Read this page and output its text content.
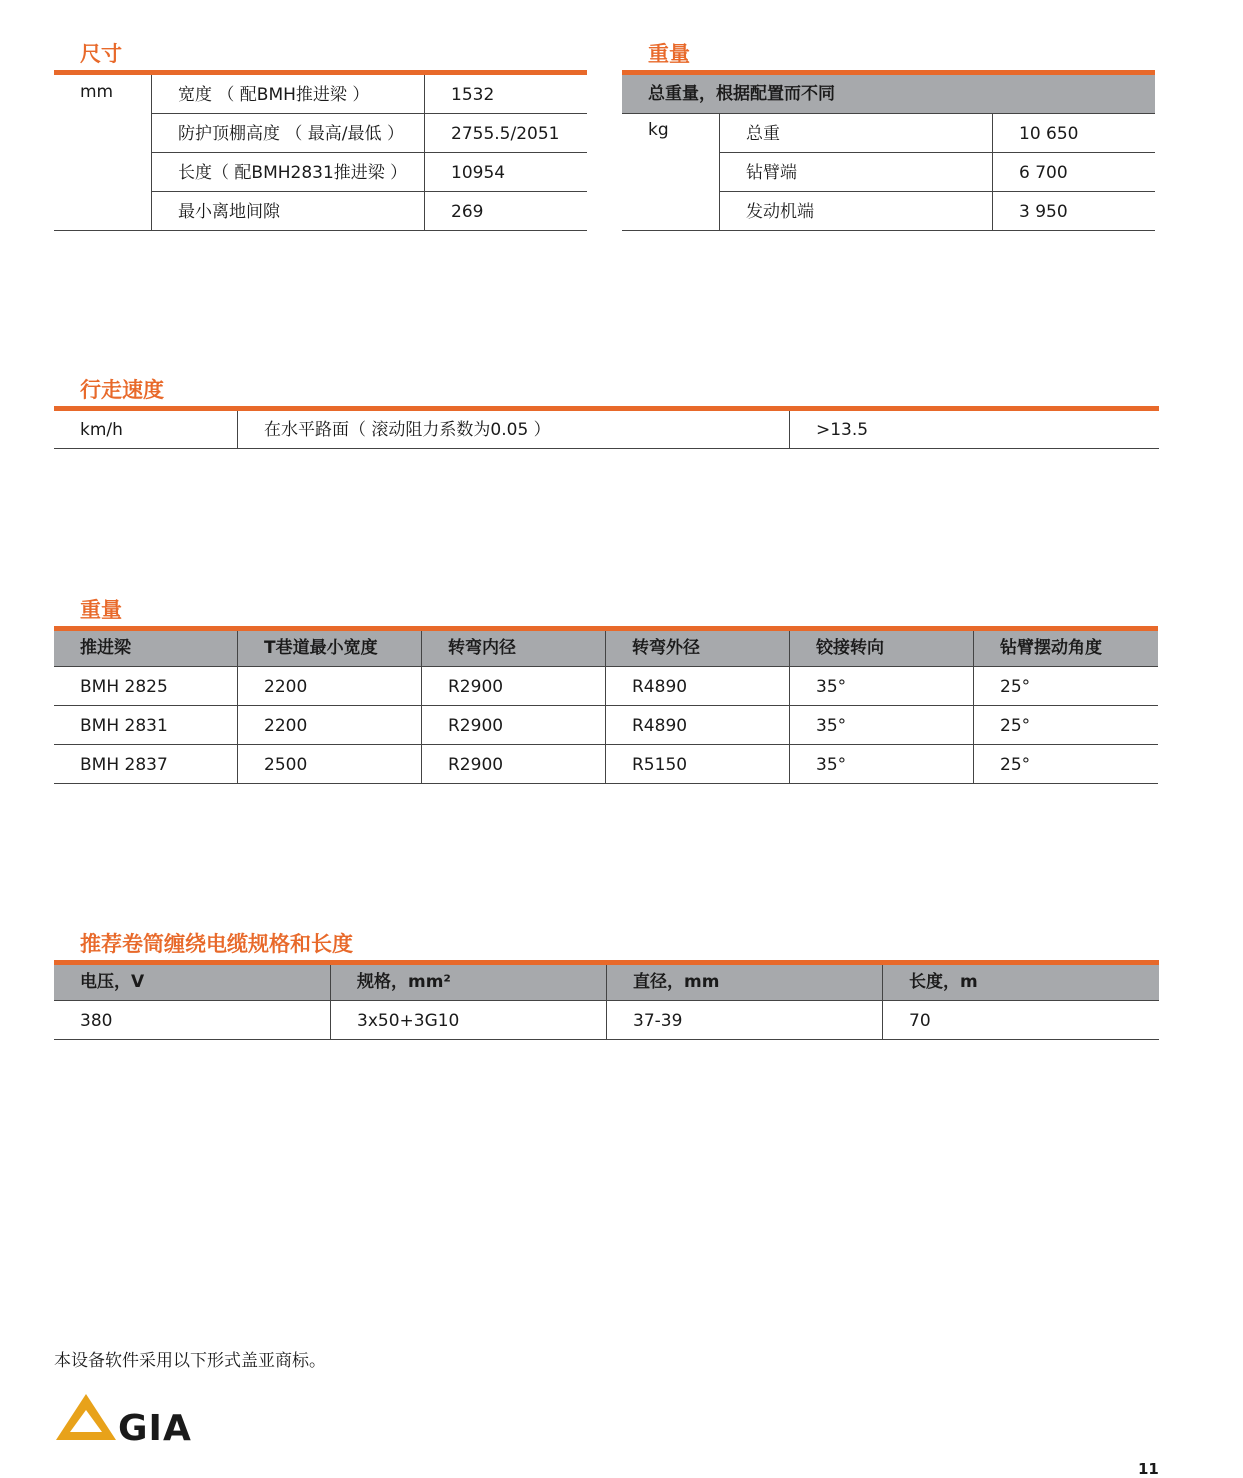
尺寸
mm	宽度 （ 配BMH推进梁 ）	1532
防护顶棚高度 （ 最高/最低 ）	2755.5/2051
长度（ 配BMH2831推进梁 ）	10954
最小离地间隙	269
重量
总重量，根据配置而不同
kg	总重	10 650
钻臂端	6 700
发动机端	3 950
行走速度
km/h	在水平路面（ 滚动阻力系数为0.05 ）	>13.5
重量
推进梁	T巷道最小宽度	转弯内径	转弯外径	铰接转向	钻臂摆动角度
BMH 2825	2200	R2900	R4890	35°	25°
BMH 2831	2200	R2900	R4890	35°	25°
BMH 2837	2500	R2900	R5150	35°	25°
推荐卷筒缠绕电缆规格和长度
电压，V	规格，mm²	直径，mm	长度，m
380	3x50+3G10	37-39	70
本设备软件采用以下形式盖亚商标。
GIA
11
